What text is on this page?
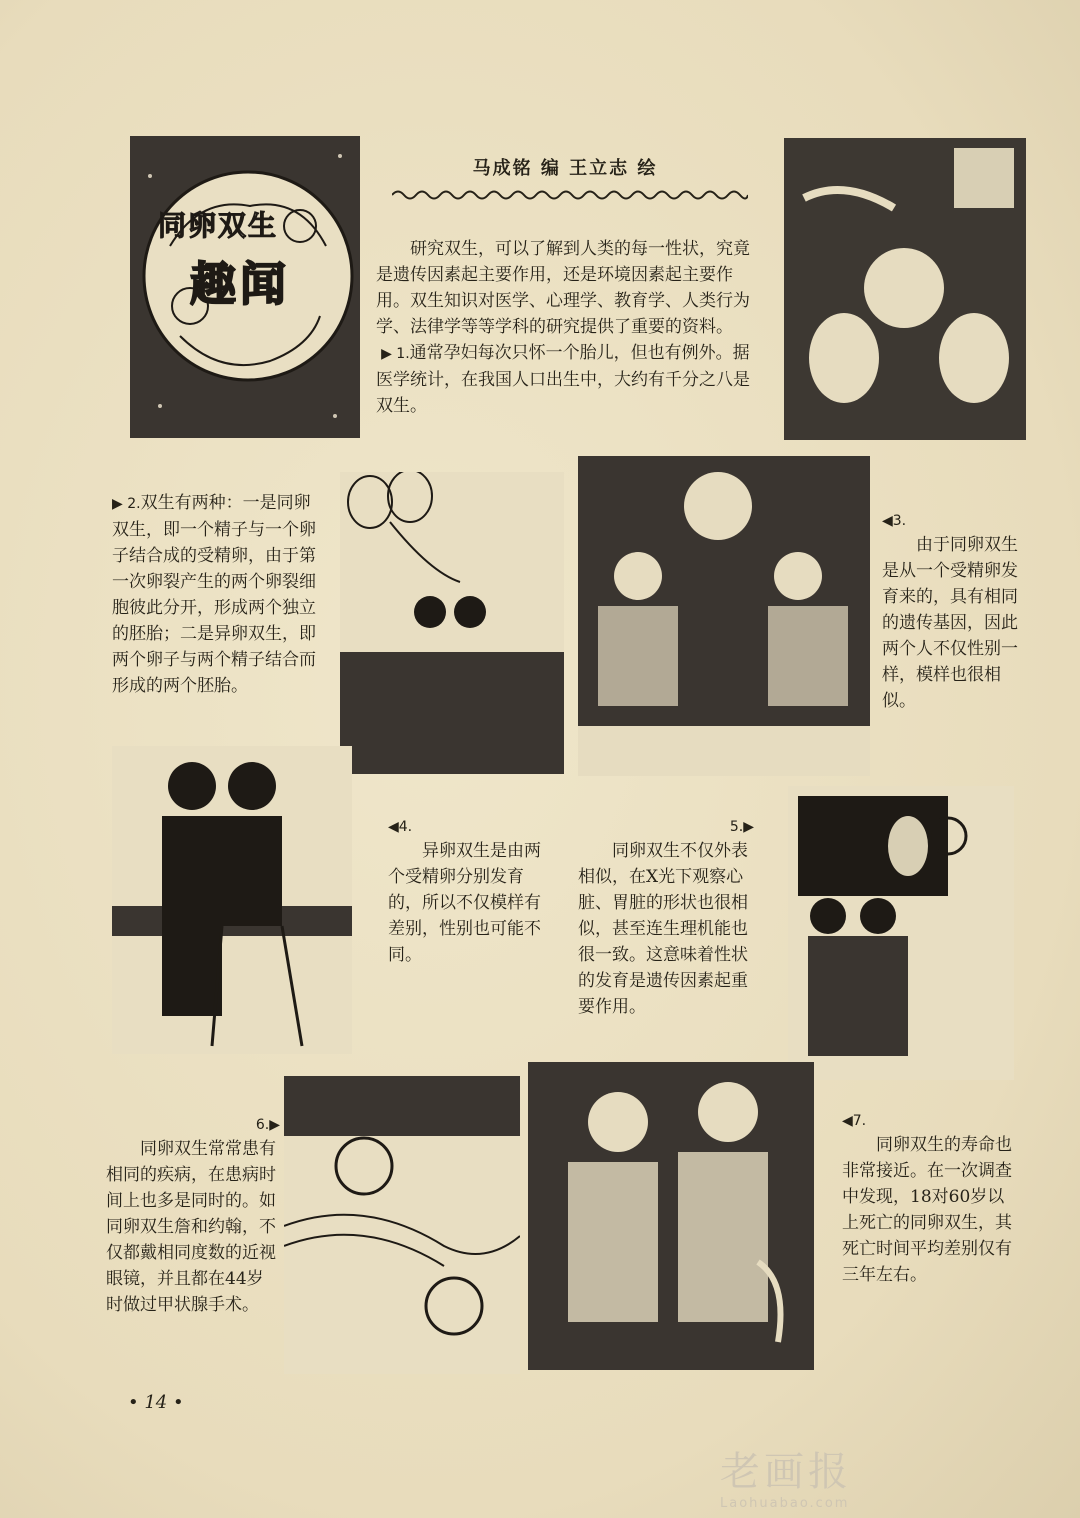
同卵双生
趣闻
马成铭 编 王立志 绘

研究双生，可以了解到人类的每一性状，究竟是遗传因素起主要作用，还是环境因素起主要作用。双生知识对医学、心理学、教育学、人类行为学、法律学等等学科的研究提供了重要的资料。

▶ 1.通常孕妇每次只怀一个胎儿，但也有例外。据医学统计，在我国人口出生中，大约有千分之八是双生。

▶ 2.双生有两种：一是同卵双生，即一个精子与一个卵子结合成的受精卵，由于第一次卵裂产生的两个卵裂细胞彼此分开，形成两个独立的胚胎；二是异卵双生，即两个卵子与两个精子结合而形成的两个胚胎。

◀3.

由于同卵双生是从一个受精卵发育来的，具有相同的遗传基因，因此两个人不仅性别一样，模样也很相似。

◀4.

异卵双生是由两个受精卵分别发育的，所以不仅模样有差别，性别也可能不同。

5.▶

同卵双生不仅外表相似，在X光下观察心脏、胃脏的形状也很相似，甚至连生理机能也很一致。这意味着性状的发育是遗传因素起重要作用。

6.▶

同卵双生常常患有相同的疾病，在患病时间上也多是同时的。如同卵双生詹和约翰，不仅都戴相同度数的近视眼镜，并且都在44岁时做过甲状腺手术。

◀7.

同卵双生的寿命也非常接近。在一次调查中发现，18对60岁以上死亡的同卵双生，其死亡时间平均差别仅有三年左右。

• 14 •
老画报
Laohuabao.com
